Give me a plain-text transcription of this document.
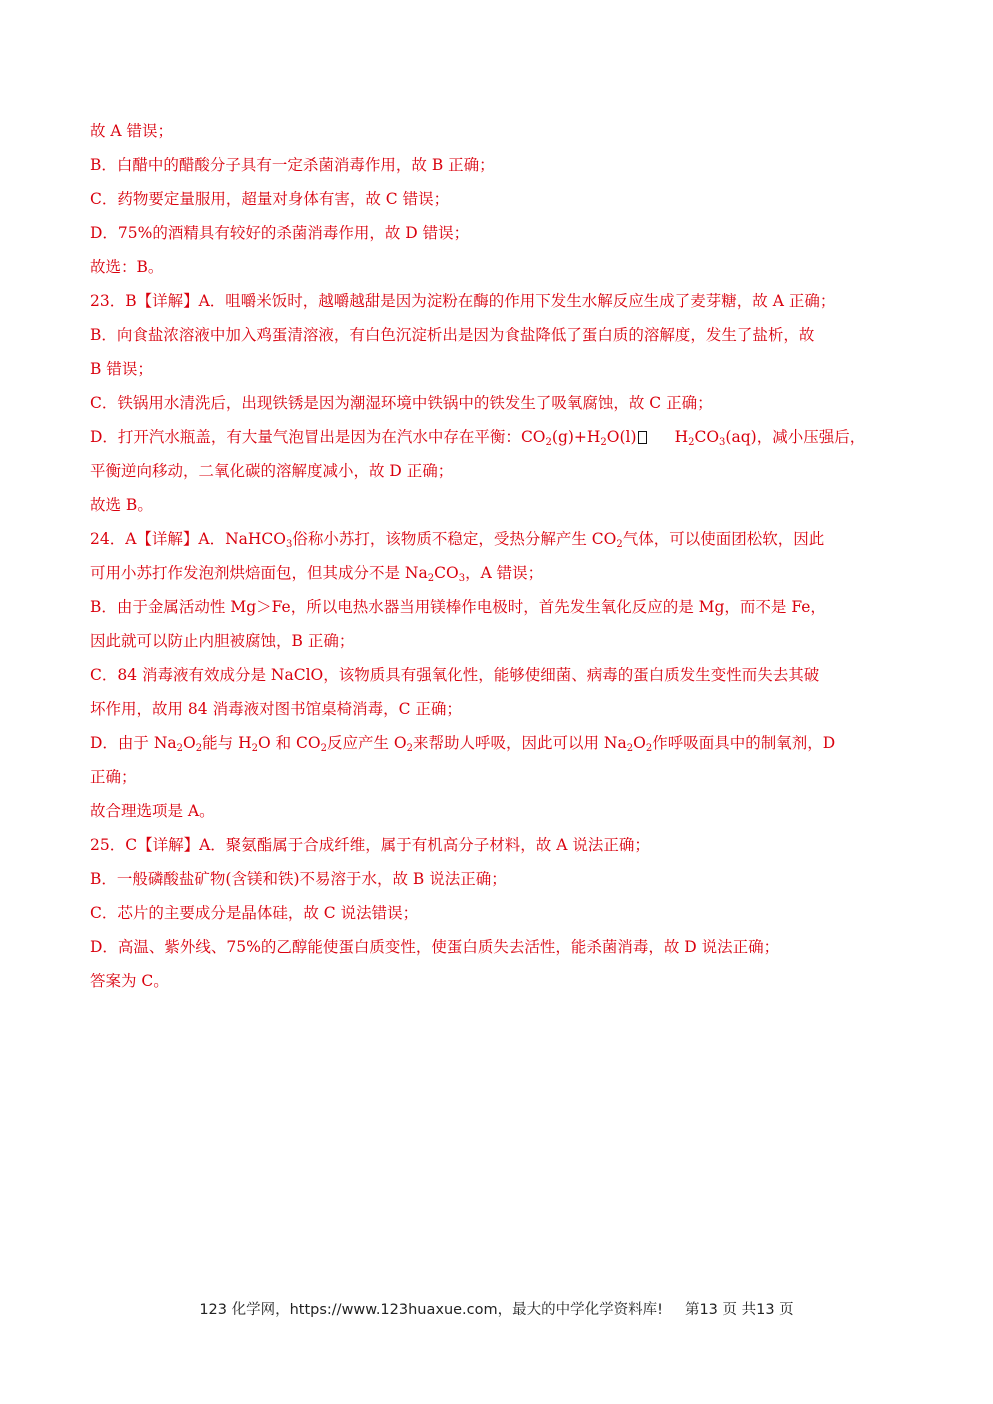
故 A 错误；
B．白醋中的醋酸分子具有一定杀菌消毒作用，故 B 正确；
C．药物要定量服用，超量对身体有害，故 C 错误；
D．75%的酒精具有较好的杀菌消毒作用，故 D 错误；
故选：B。
23．B【详解】A．咀嚼米饭时，越嚼越甜是因为淀粉在酶的作用下发生水解反应生成了麦芽糖，故 A 正确；
B．向食盐浓溶液中加入鸡蛋清溶液，有白色沉淀析出是因为食盐降低了蛋白质的溶解度，发生了盐析，故
B 错误；
C．铁锅用水清洗后，出现铁锈是因为潮湿环境中铁锅中的铁发生了吸氧腐蚀，故 C 正确；
D．打开汽水瓶盖，有大量气泡冒出是因为在汽水中存在平衡：$CO_2(g)+H_2O(l)$ $H_2CO_3(aq)$，减小压强后，
平衡逆向移动，二氧化碳的溶解度减小，故 D 正确；
故选 B。
24．A【详解】A．NaHCO$_3$俗称小苏打，该物质不稳定，受热分解产生 $CO_2$气体，可以使面团松软，因此
可用小苏打作发泡剂烘焙面包，但其成分不是 $Na_2CO_3$，A 错误；
B．由于金属活动性 Mg＞Fe，所以电热水器当用镁棒作电极时，首先发生氧化反应的是 Mg，而不是 Fe，
因此就可以防止内胆被腐蚀，B 正确；
C．84 消毒液有效成分是 NaClO，该物质具有强氧化性，能够使细菌、病毒的蛋白质发生变性而失去其破
坏作用，故用 84 消毒液对图书馆桌椅消毒，C 正确；
D．由于 $Na_2O_2$能与 $H_2O$ 和 $CO_2$反应产生 $O_2$来帮助人呼吸，因此可以用 $Na_2O_2$作呼吸面具中的制氧剂，D
正确；
故合理选项是 A。
25．C【详解】A．聚氨酯属于合成纤维，属于有机高分子材料，故 A 说法正确；
B．一般磷酸盐矿物(含镁和铁)不易溶于水，故 B 说法正确；
C．芯片的主要成分是晶体硅，故 C 说法错误；
D．高温、紫外线、75%的乙醇能使蛋白质变性，使蛋白质失去活性，能杀菌消毒，故 D 说法正确；
答案为 C。
123 化学网，https://www.123huaxue.com，最大的中学化学资料库! 第13 页 共13 页
